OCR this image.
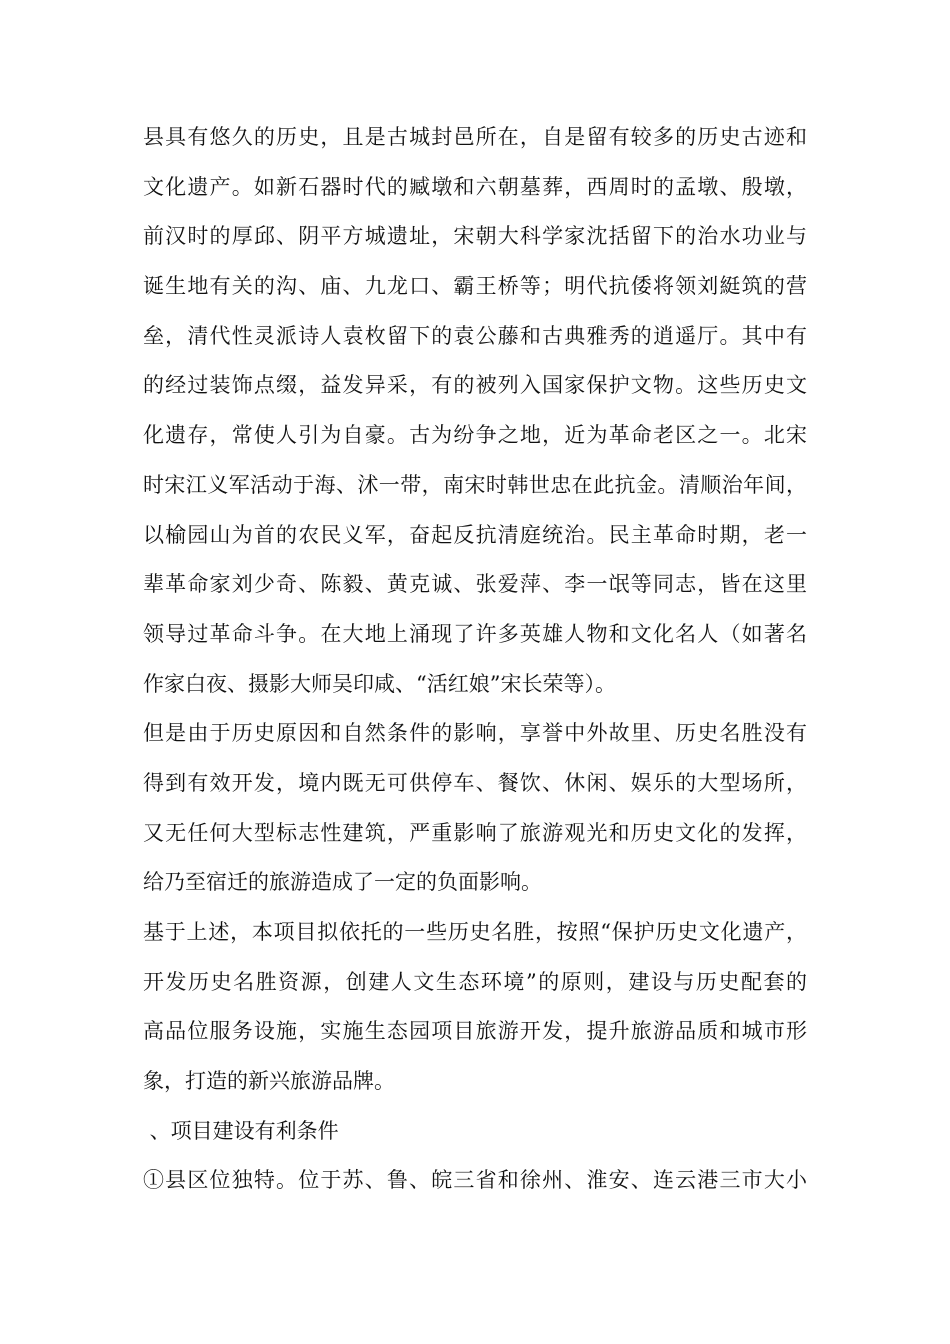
县具有悠久的历史，且是古城封邑所在，自是留有较多的历史古迹和
文化遗产。如新石器时代的臧墩和六朝墓葬，西周时的孟墩、殷墩，
前汉时的厚邱、阴平方城遗址，宋朝大科学家沈括留下的治水功业与
诞生地有关的沟、庙、九龙口、霸王桥等；明代抗倭将领刘綎筑的营
垒，清代性灵派诗人袁枚留下的袁公藤和古典雅秀的逍遥厅。其中有
的经过装饰点缀，益发异采，有的被列入国家保护文物。这些历史文
化遗存，常使人引为自豪。古为纷争之地，近为革命老区之一。北宋
时宋江义军活动于海、沭一带，南宋时韩世忠在此抗金。清顺治年间，
以榆园山为首的农民义军，奋起反抗清庭统治。民主革命时期，老一
辈革命家刘少奇、陈毅、黄克诚、张爱萍、李一氓等同志，皆在这里
领导过革命斗争。在大地上涌现了许多英雄人物和文化名人（如著名
作家白夜、摄影大师吴印咸、“活红娘”宋长荣等）。
但是由于历史原因和自然条件的影响，享誉中外故里、历史名胜没有
得到有效开发，境内既无可供停车、餐饮、休闲、娱乐的大型场所，
又无任何大型标志性建筑，严重影响了旅游观光和历史文化的发挥，
给乃至宿迁的旅游造成了一定的负面影响。
基于上述，本项目拟依托的一些历史名胜，按照“保护历史文化遗产，
开发历史名胜资源，创建人文生态环境”的原则，建设与历史配套的
高品位服务设施，实施生态园项目旅游开发，提升旅游品质和城市形
象，打造的新兴旅游品牌。
、项目建设有利条件
①县区位独特。位于苏、鲁、皖三省和徐州、淮安、连云港三市大小
